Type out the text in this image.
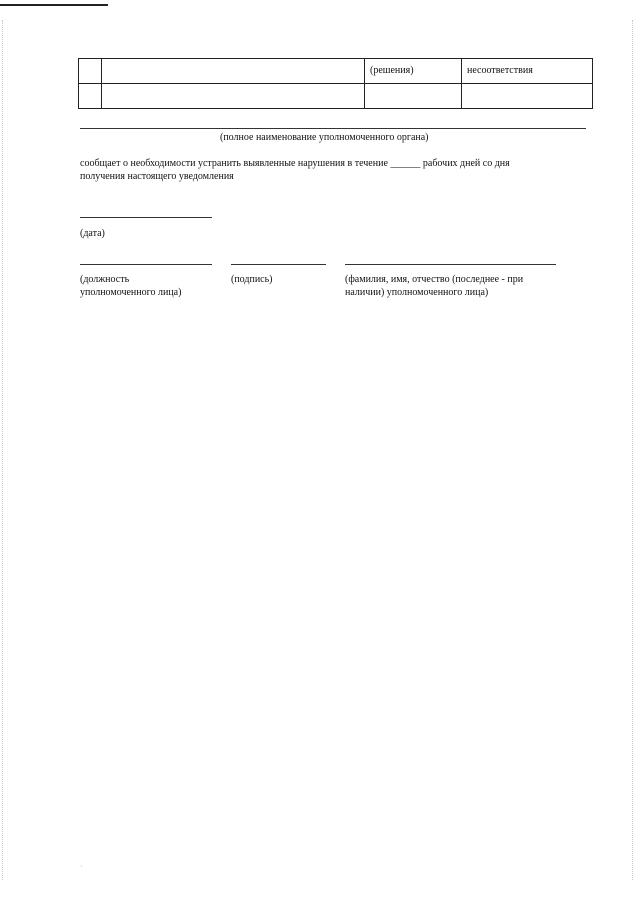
		(решения)	несоответствия

(полное наименование уполномоченного органа)
сообщает о необходимости устранить выявленные нарушения в течение ______ рабочих дней со дня
получения настоящего уведомления
(дата)
(должность
уполномоченного лица)
(подпись)	(фамилия, имя, отчество (последнее - при
наличии) уполномоченного лица)
·
